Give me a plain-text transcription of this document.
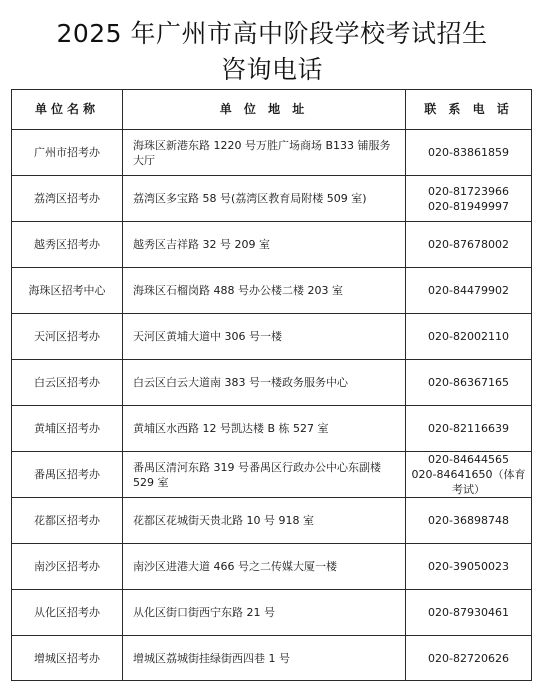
2025 年广州市高中阶段学校考试招生
咨询电话
单位名称	单 位 地 址	联 系 电 话
广州市招考办	海珠区新港东路 1220 号万胜广场商场 B133 铺服务大厅	020-83861859

荔湾区招考办	荔湾区多宝路 58 号(荔湾区教育局附楼 509 室)	020-81723966
020-81949997

越秀区招考办	越秀区吉祥路 32 号 209 室	020-87678002

海珠区招考中心	海珠区石榴岗路 488 号办公楼二楼 203 室	020-84479902

天河区招考办	天河区黄埔大道中 306 号一楼	020-82002110

白云区招考办	白云区白云大道南 383 号一楼政务服务中心	020-86367165

黄埔区招考办	黄埔区水西路 12 号凯达楼 B 栋 527 室	020-82116639

番禺区招考办	番禺区清河东路 319 号番禺区行政办公中心东副楼 529 室	020-84644565
020-84641650（体育考试）

花都区招考办	花都区花城街天贵北路 10 号 918 室	020-36898748

南沙区招考办	南沙区进港大道 466 号之二传媒大厦一楼	020-39050023

从化区招考办	从化区街口街西宁东路 21 号	020-87930461

增城区招考办	增城区荔城街挂绿街西四巷 1 号	020-82720626
